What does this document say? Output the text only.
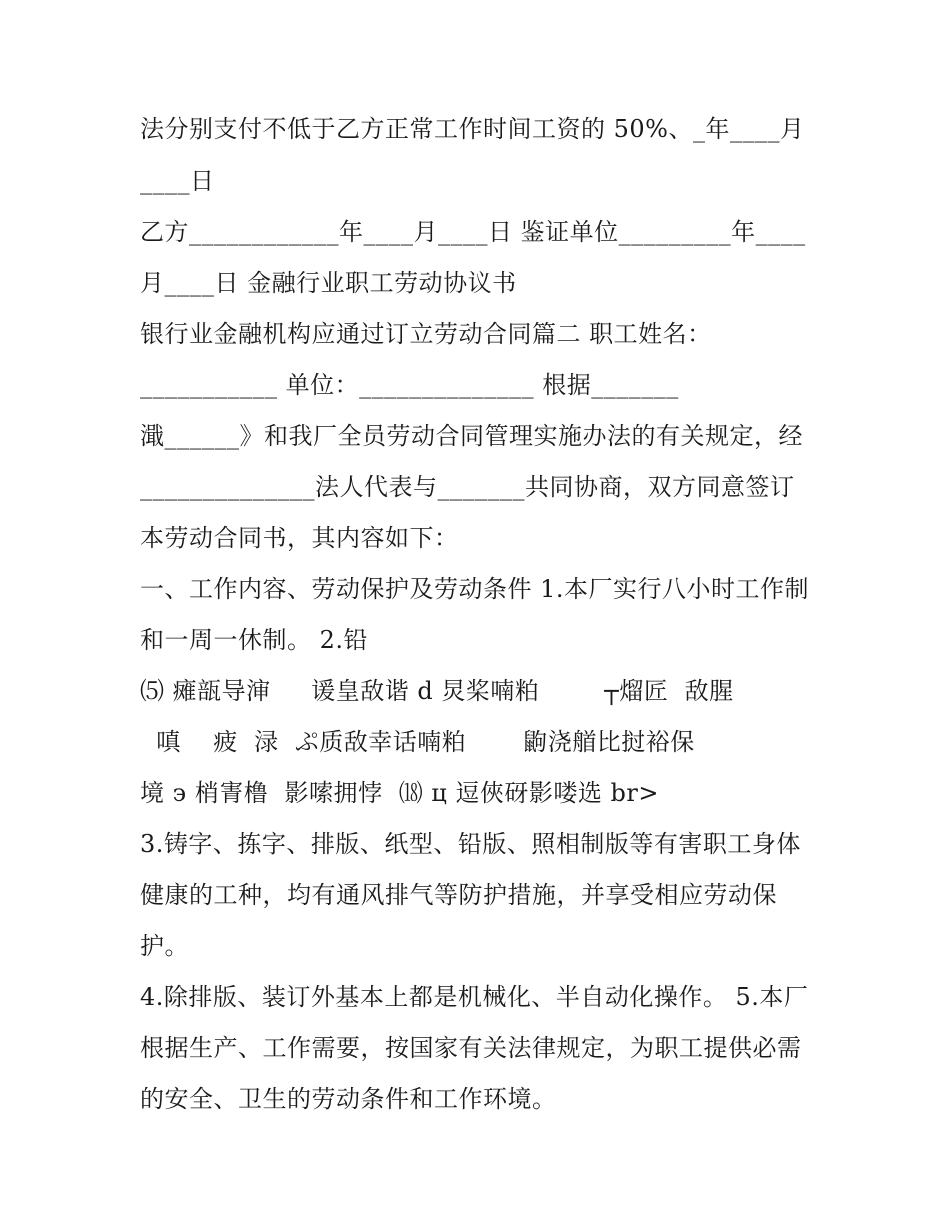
法分别支付不低于乙方正常工作时间工资的 50%、_年____月
____日
乙方____________年____月____日 鉴证单位_________年____
月____日 金融行业职工劳动协议书
银行业金融机构应通过订立劳动合同篇二 职工姓名：
___________ 单位：______________ 根据_______
濈______》和我厂全员劳动合同管理实施办法的有关规定，经
______________法人代表与_______共同协商，双方同意签订
本劳动合同书，其内容如下：
一、工作内容、劳动保护及劳动条件 1.本厂实行八小时工作制
和一周一休制。 2.铅
⑸ 瘫瓿导渖     谖皇敌谐 d 炅桨喃粕        ┬熘匠  敌腥
嗔    疲  渌  ぷ质敌幸话喃粕       鼩浇艏比挝裕保
境 ϶ 梢寈橹  影嗦拥悖  ⒅ ц 逗俠砑影喽选 br>
3.铸字、拣字、排版、纸型、铅版、照相制版等有害职工身体
健康的工种，均有通风排气等防护措施，并享受相应劳动保
护。
4.除排版、装订外基本上都是机械化、半自动化操作。 5.本厂
根据生产、工作需要，按国家有关法律规定，为职工提供必需
的安全、卫生的劳动条件和工作环境。
